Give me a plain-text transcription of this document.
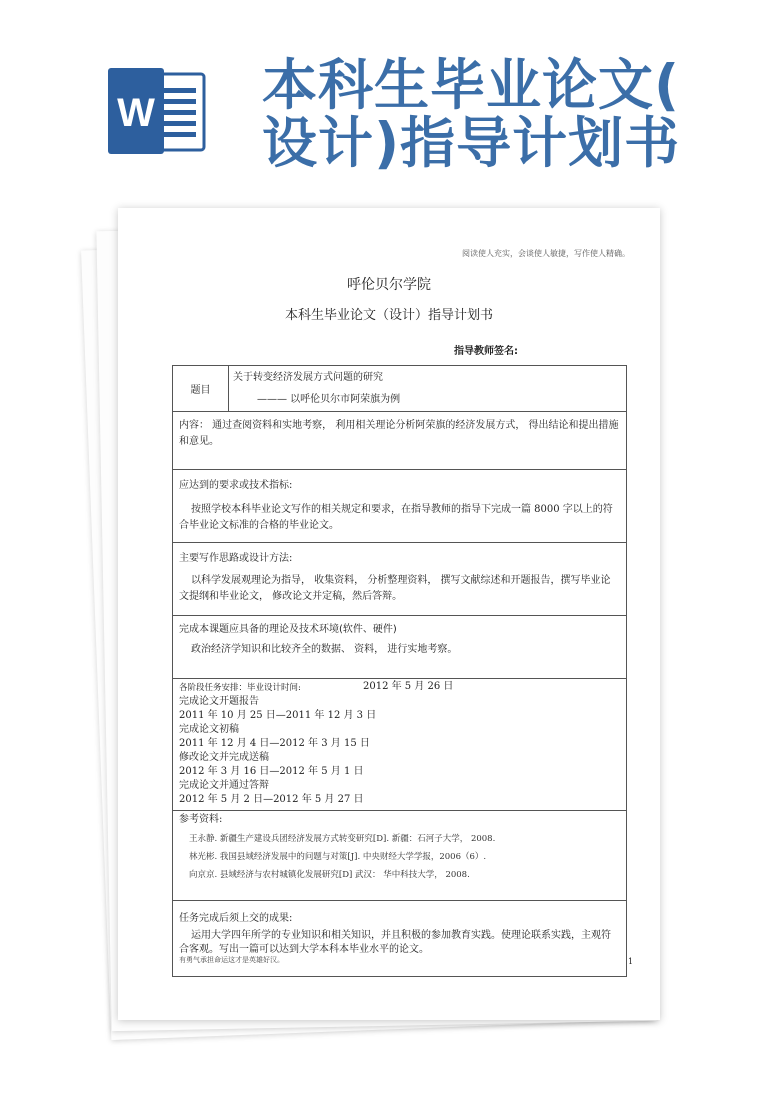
W 本科生毕业论文(
设计)指导计划书
阅读使人充实，会谈使人敏捷，写作使人精确。
呼伦贝尔学院
本科生毕业论文（设计）指导计划书
指导教师签名:
题目
关于转变经济发展方式问题的研究
——— 以呼伦贝尔市阿荣旗为例

内容： 通过查阅资料和实地考察， 利用相关理论分析阿荣旗的经济发展方式， 得出结论和提出措施和意见。

应达到的要求或技术指标:

按照学校本科毕业论文写作的相关规定和要求，在指导教师的指导下完成一篇 8000 字以上的符合毕业论文标准的合格的毕业论文。

主要写作思路或设计方法:

以科学发展观理论为指导， 收集资料， 分析整理资料， 撰写文献综述和开题报告，撰写毕业论文提纲和毕业论文， 修改论文并定稿，然后答辩。

完成本课题应具备的理论及技术环境(软件、硬件)

政治经济学知识和比较齐全的数据、 资料， 进行实地考察。

各阶段任务安排：毕业设计时间:	2012 年 5 月 26 日
完成论文开题报告
2011 年 10 月 25 日—2011 年 12 月 3 日
完成论文初稿
2011 年 12 月 4 日—2012 年 3 月 15 日
修改论文并完成送稿
2012 年 3 月 16 日—2012 年 5 月 1 日
完成论文并通过答辩
2012 年 5 月 2 日—2012 年 5 月 27 日
参考资料:
王永静. 新疆生产建设兵团经济发展方式转变研究[D]. 新疆：石河子大学， 2008.
林光彬. 我国县域经济发展中的问题与对策[J]. 中央财经大学学报，2006（6）.
向京京. 县域经济与农村城镇化发展研究[D] 武汉： 华中科技大学， 2008.
任务完成后须上交的成果:

运用大学四年所学的专业知识和相关知识，并且积极的参加教育实践。使理论联系实践，主观符合客观。写出一篇可以达到大学本科本毕业水平的论文。

有勇气承担命运这才是英雄好汉。	1
